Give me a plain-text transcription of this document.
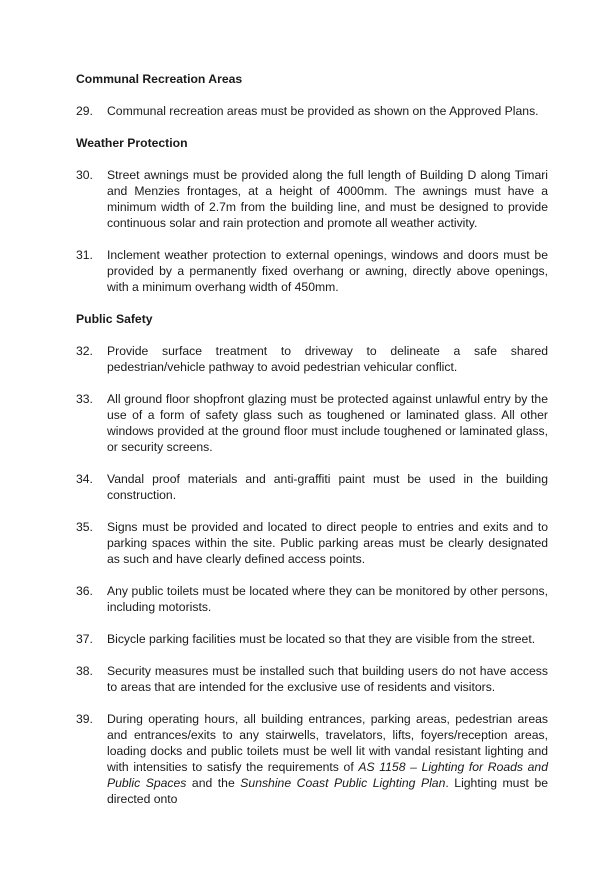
Communal Recreation Areas
29. Communal recreation areas must be provided as shown on the Approved Plans.

Weather Protection
30. Street awnings must be provided along the full length of Building D along Timari and Menzies frontages, at a height of 4000mm. The awnings must have a minimum width of 2.7m from the building line, and must be designed to provide continuous solar and rain protection and promote all weather activity.

31. Inclement weather protection to external openings, windows and doors must be provided by a permanently fixed overhang or awning, directly above openings, with a minimum overhang width of 450mm.

Public Safety
32. Provide surface treatment to driveway to delineate a safe shared pedestrian/vehicle pathway to avoid pedestrian vehicular conflict.

33. All ground floor shopfront glazing must be protected against unlawful entry by the use of a form of safety glass such as toughened or laminated glass. All other windows provided at the ground floor must include toughened or laminated glass, or security screens.

34. Vandal proof materials and anti-graffiti paint must be used in the building construction.

35. Signs must be provided and located to direct people to entries and exits and to parking spaces within the site. Public parking areas must be clearly designated as such and have clearly defined access points.

36. Any public toilets must be located where they can be monitored by other persons, including motorists.

37. Bicycle parking facilities must be located so that they are visible from the street.

38. Security measures must be installed such that building users do not have access to areas that are intended for the exclusive use of residents and visitors.

39. During operating hours, all building entrances, parking areas, pedestrian areas and entrances/exits to any stairwells, travelators, lifts, foyers/reception areas, loading docks and public toilets must be well lit with vandal resistant lighting and with intensities to satisfy the requirements of AS 1158 – Lighting for Roads and Public Spaces and the Sunshine Coast Public Lighting Plan. Lighting must be directed onto
